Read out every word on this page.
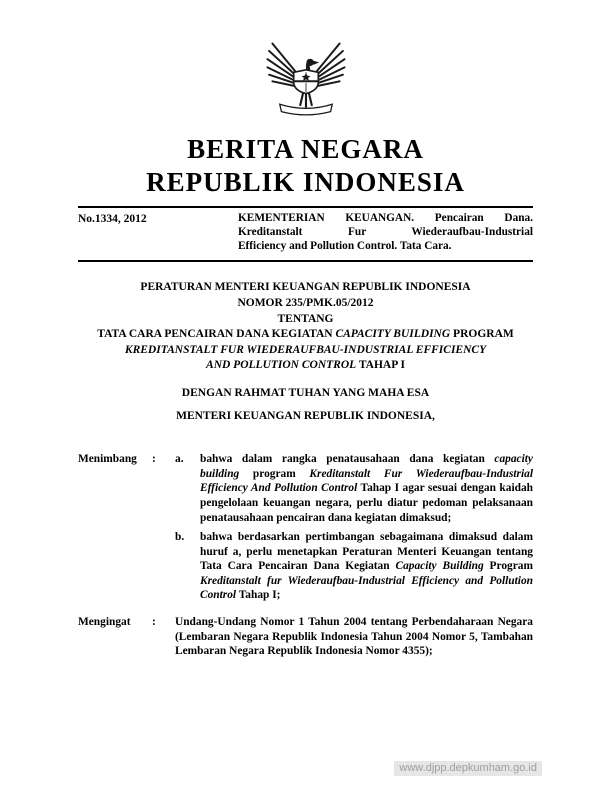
BERITA NEGARA
REPUBLIK INDONESIA
No.1334, 2012	KEMENTERIAN KEUANGAN. Pencairan Dana.
Kreditanstalt Fur Wiederaufbau-Industrial
Efficiency and Pollution Control. Tata Cara.
PERATURAN MENTERI KEUANGAN REPUBLIK INDONESIA
NOMOR 235/PMK.05/2012
TENTANG
TATA CARA PENCAIRAN DANA KEGIATAN CAPACITY BUILDING PROGRAM
KREDITANSTALT FUR WIEDERAUFBAU-INDUSTRIAL EFFICIENCY
AND POLLUTION CONTROL TAHAP I
DENGAN RAHMAT TUHAN YANG MAHA ESA
MENTERI KEUANGAN REPUBLIK INDONESIA,
Menimbang	:	a.	bahwa dalam rangka penatausahaan dana kegiatan capacity building program Kreditanstalt Fur Wiederaufbau-Industrial Efficiency And Pollution Control Tahap I agar sesuai dengan kaidah pengelolaan keuangan negara, perlu diatur pedoman pelaksanaan penatausahaan pencairan dana kegiatan dimaksud;
b.	bahwa berdasarkan pertimbangan sebagaimana dimaksud dalam huruf a, perlu menetapkan Peraturan Menteri Keuangan tentang Tata Cara Pencairan Dana Kegiatan Capacity Building Program Kreditanstalt fur Wiederaufbau-Industrial Efficiency and Pollution Control Tahap I;
Mengingat	:	Undang-Undang Nomor 1 Tahun 2004 tentang Perbendaharaan Negara (Lembaran Negara Republik Indonesia Tahun 2004 Nomor 5, Tambahan Lembaran Negara Republik Indonesia Nomor 4355);
www.djpp.depkumham.go.id
